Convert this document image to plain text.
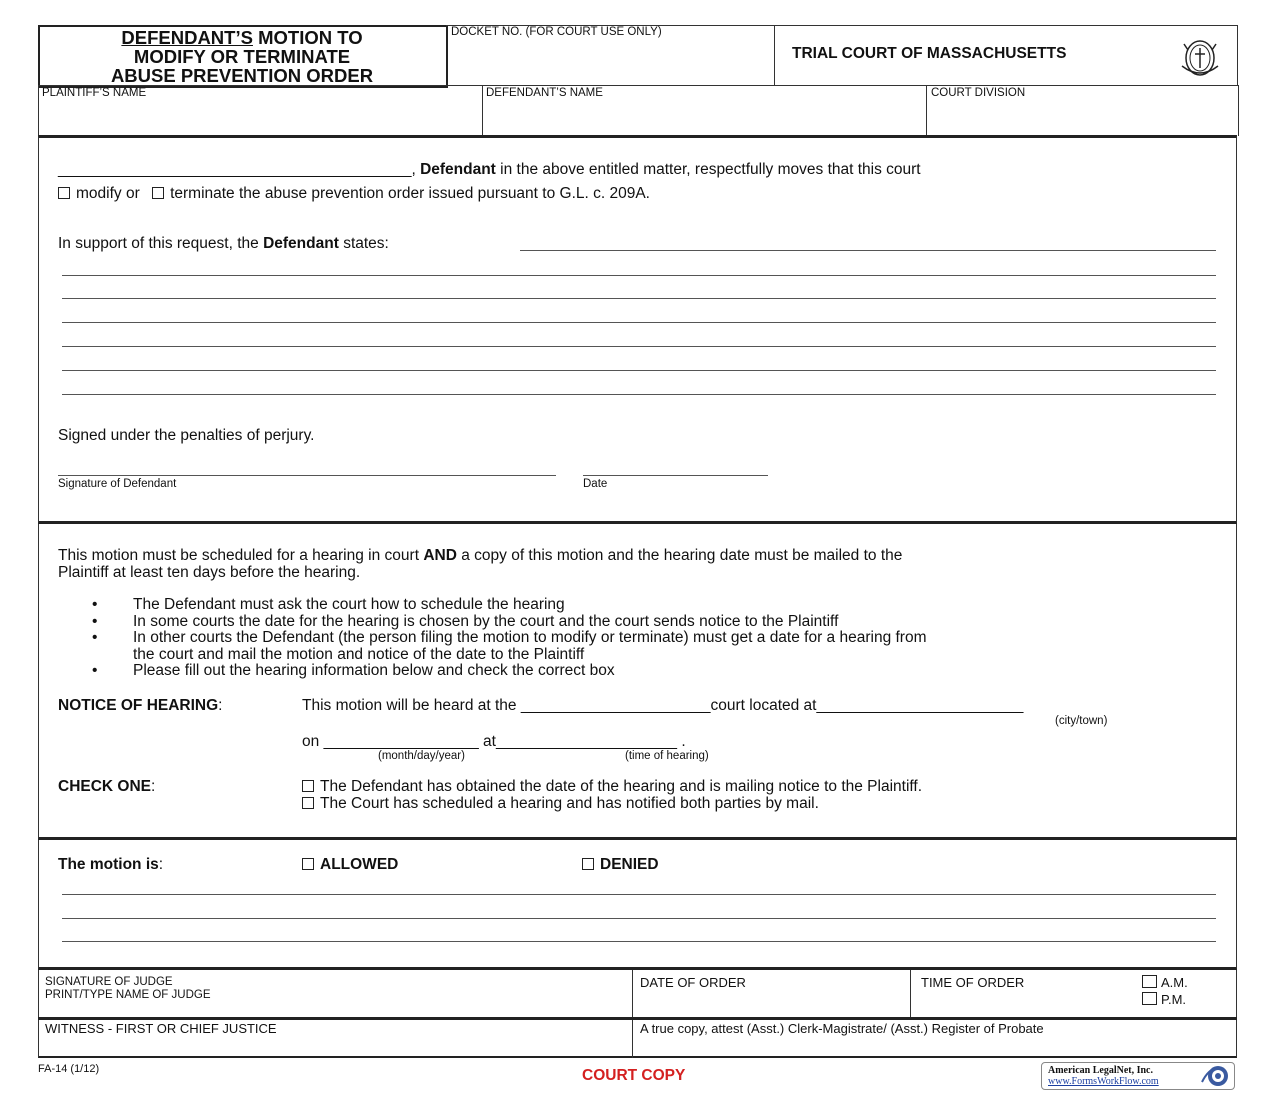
DEFENDANT’S MOTION TO
MODIFY OR TERMINATE
ABUSE PREVENTION ORDER
DOCKET NO. (FOR COURT USE ONLY)
TRIAL COURT OF MASSACHUSETTS
PLAINTIFF’S NAME	DEFENDANT’S NAME	COURT DIVISION
_________________________________________, Defendant in the above entitled matter, respectfully moves that this court
modify or terminate the abuse prevention order issued pursuant to G.L. c. 209A.
In support of this request, the Defendant states:
Signed under the penalties of perjury.
Signature of Defendant	Date
This motion must be scheduled for a hearing in court AND a copy of this motion and the hearing date must be mailed to the
Plaintiff at least ten days before the hearing.
• The Defendant must ask the court how to schedule the hearing
• In some courts the date for the hearing is chosen by the court and the court sends notice to the Plaintiff
• In other courts the Defendant (the person filing the motion to modify or terminate) must get a date for a hearing from
the court and mail the motion and notice of the date to the Plaintiff
• Please fill out the hearing information below and check the correct box
NOTICE OF HEARING:	This motion will be heard at the ______________________court located at________________________
(city/town)
on __________________ at_____________________ .
(month/day/year)	(time of hearing)
CHECK ONE:	The Defendant has obtained the date of the hearing and is mailing notice to the Plaintiff.
The Court has scheduled a hearing and has notified both parties by mail.
The motion is:	ALLOWED	DENIED
SIGNATURE OF JUDGE
PRINT/TYPE NAME OF JUDGE
DATE OF ORDER	TIME OF ORDER	A.M.
P.M.
WITNESS - FIRST OR CHIEF JUSTICE	A true copy, attest (Asst.) Clerk-Magistrate/ (Asst.) Register of Probate
FA-14 (1/12)	COURT COPY	American LegalNet, Inc.
www.FormsWorkFlow.com
